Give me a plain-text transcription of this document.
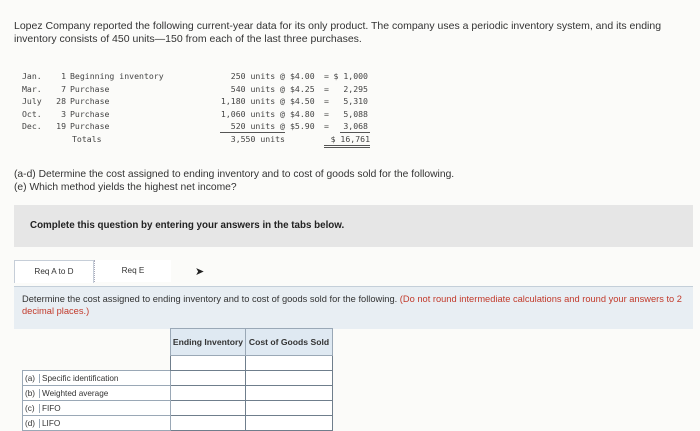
Lopez Company reported the following current-year data for its only product. The company uses a periodic inventory system, and its ending inventory consists of 450 units—150 from each of the last three purchases.
Jan.	1 Beginning inventory	250 units @ $4.00	= $ 1,000
Mar.	7 Purchase	540 units @ $4.25	=	2,295
July	28 Purchase	1,180 units @ $4.50	=	5,310
Oct.	3 Purchase	1,060 units @ $4.80	=	5,088
Dec.	19 Purchase	520 units @ $5.90	=	3,068
Totals	3,550 units	$ 16,761
(a-d) Determine the cost assigned to ending inventory and to cost of goods sold for the following.
(e) Which method yields the highest net income?
Complete this question by entering your answers in the tabs below.
Req A to D	Req E	➤
Determine the cost assigned to ending inventory and to cost of goods sold for the following. (Do not round intermediate calculations and round your answers to 2 decimal places.)
	Ending Inventory	Cost of Goods Sold

(a) Specific identification		
(b) Weighted average		
(c) FIFO		
(d) LIFO		
